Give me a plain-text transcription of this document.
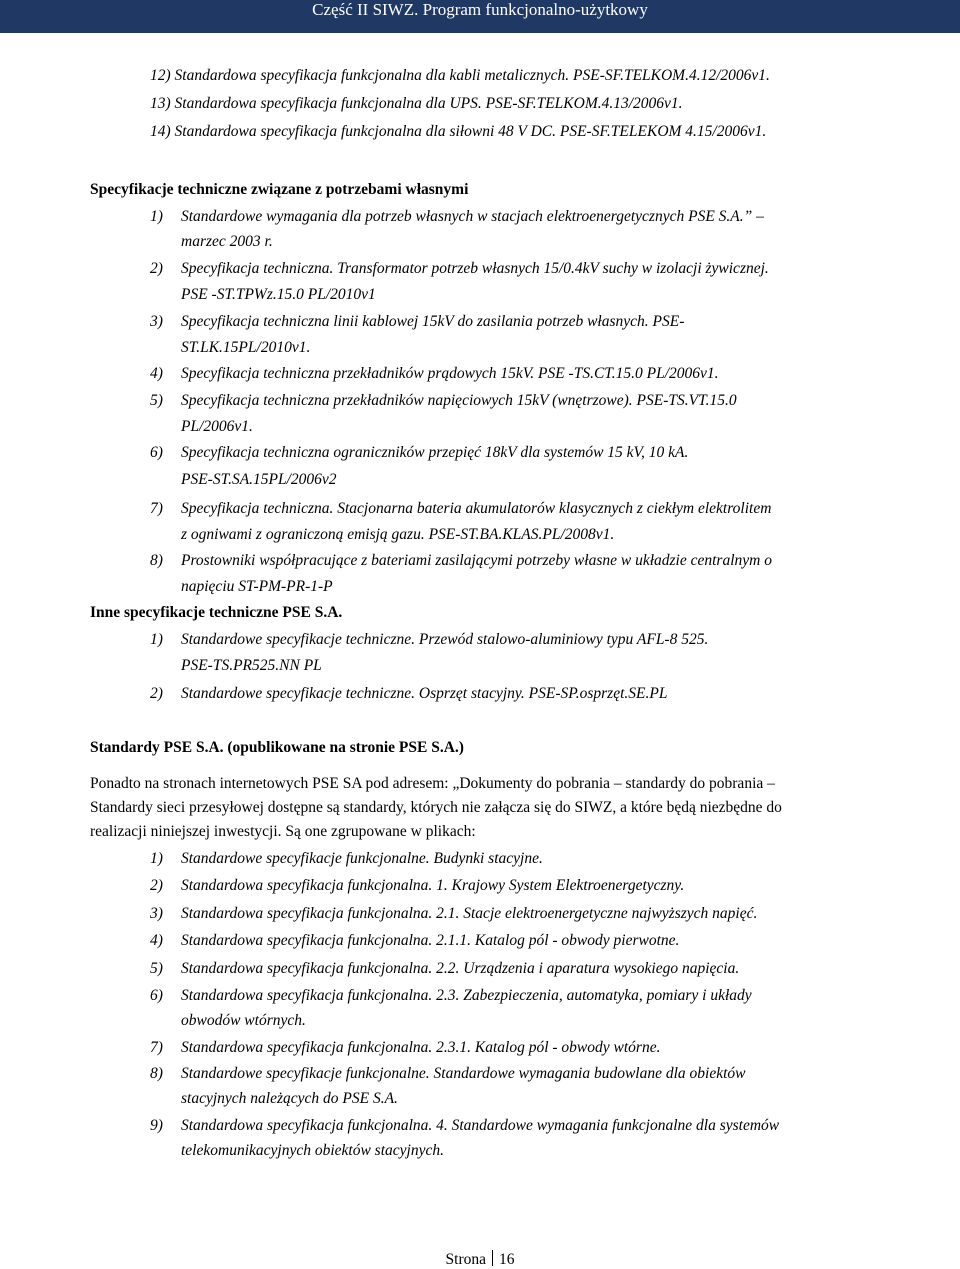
Część II SIWZ. Program funkcjonalno-użytkowy
12) Standardowa specyfikacja funkcjonalna dla kabli metalicznych. PSE-SF.TELKOM.4.12/2006v1.
13) Standardowa specyfikacja funkcjonalna dla UPS. PSE-SF.TELKOM.4.13/2006v1.
14) Standardowa specyfikacja funkcjonalna dla siłowni 48 V DC. PSE-SF.TELEKOM 4.15/2006v1.
Specyfikacje techniczne związane z potrzebami własnymi
1) Standardowe wymagania dla potrzeb własnych w stacjach elektroenergetycznych PSE S.A.” –
marzec 2003 r.
2) Specyfikacja techniczna. Transformator potrzeb własnych 15/0.4kV suchy w izolacji żywicznej.
PSE -ST.TPWz.15.0 PL/2010v1
3) Specyfikacja techniczna linii kablowej 15kV do zasilania potrzeb własnych. PSE-
ST.LK.15PL/2010v1.
4) Specyfikacja techniczna przekładników prądowych 15kV. PSE -TS.CT.15.0 PL/2006v1.
5) Specyfikacja techniczna przekładników napięciowych 15kV (wnętrzowe). PSE-TS.VT.15.0
PL/2006v1.
6) Specyfikacja techniczna ograniczników przepięć 18kV dla systemów 15 kV, 10 kA.
PSE-ST.SA.15PL/2006v2
7) Specyfikacja techniczna. Stacjonarna bateria akumulatorów klasycznych z ciekłym elektrolitem
z ogniwami z ograniczoną emisją gazu. PSE-ST.BA.KLAS.PL/2008v1.
8) Prostowniki współpracujące z bateriami zasilającymi potrzeby własne w układzie centralnym o
napięciu ST-PM-PR-1-P
Inne specyfikacje techniczne PSE S.A.
1) Standardowe specyfikacje techniczne. Przewód stalowo-aluminiowy typu AFL-8 525.
PSE-TS.PR525.NN PL
2) Standardowe specyfikacje techniczne. Osprzęt stacyjny. PSE-SP.osprzęt.SE.PL
Standardy PSE S.A. (opublikowane na stronie PSE S.A.)
Ponadto na stronach internetowych PSE SA pod adresem: „Dokumenty do pobrania – standardy do pobrania –
Standardy sieci przesyłowej dostępne są standardy, których nie załącza się do SIWZ, a które będą niezbędne do
realizacji niniejszej inwestycji. Są one zgrupowane w plikach:
1) Standardowe specyfikacje funkcjonalne. Budynki stacyjne.
2) Standardowa specyfikacja funkcjonalna. 1. Krajowy System Elektroenergetyczny.
3) Standardowa specyfikacja funkcjonalna. 2.1. Stacje elektroenergetyczne najwyższych napięć.
4) Standardowa specyfikacja funkcjonalna. 2.1.1. Katalog pól - obwody pierwotne.
5) Standardowa specyfikacja funkcjonalna. 2.2. Urządzenia i aparatura wysokiego napięcia.
6) Standardowa specyfikacja funkcjonalna. 2.3. Zabezpieczenia, automatyka, pomiary i układy
obwodów wtórnych.
7) Standardowa specyfikacja funkcjonalna. 2.3.1. Katalog pól - obwody wtórne.
8) Standardowe specyfikacje funkcjonalne. Standardowe wymagania budowlane dla obiektów
stacyjnych należących do PSE S.A.
9) Standardowa specyfikacja funkcjonalna. 4. Standardowe wymagania funkcjonalne dla systemów
telekomunikacyjnych obiektów stacyjnych.
Strona 16
